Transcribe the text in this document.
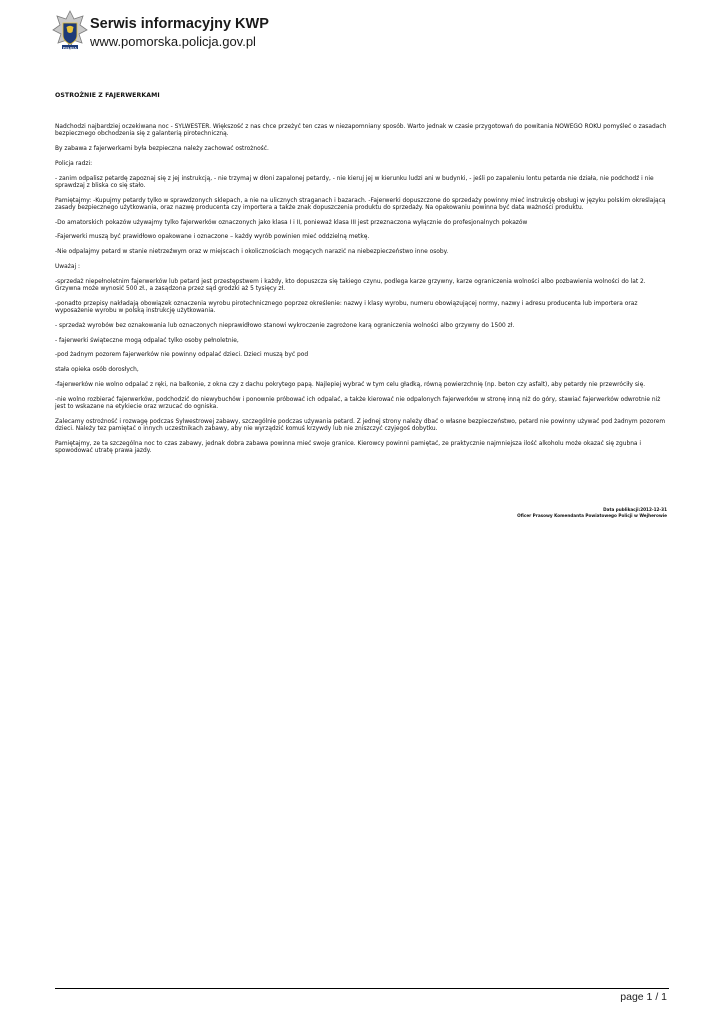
POLICJA
Serwis informacyjny KWP
www.pomorska.policja.gov.pl
OSTROŻNIE Z FAJERWERKAMI

Nadchodzi najbardziej oczekiwana noc - SYLWESTER. Większość z nas chce przeżyć ten czas w niezapomniany sposób. Warto jednak w czasie przygotowań do powitania NOWEGO ROKU pomyśleć o zasadach bezpiecznego obchodzenia się z galanterią pirotechniczną.

By zabawa z fajerwerkami była bezpieczna należy zachować ostrożność.

Policja radzi:

- zanim odpalisz petardę zapoznaj się z jej instrukcją, - nie trzymaj w dłoni zapalonej petardy, - nie kieruj jej w kierunku ludzi ani w budynki, - jeśli po zapaleniu lontu petarda nie działa, nie podchodź i nie sprawdzaj z bliska co się stało.

Pamiętajmy: -Kupujmy petardy tylko w sprawdzonych sklepach, a nie na ulicznych straganach i bazarach. -Fajerwerki dopuszczone do sprzedaży powinny mieć instrukcję obsługi w języku polskim określającą zasady bezpiecznego użytkowania, oraz nazwę producenta czy importera a także znak dopuszczenia produktu do sprzedaży. Na opakowaniu powinna być data ważności produktu.

-Do amatorskich pokazów używajmy tylko fajerwerków oznaczonych jako klasa I i II, ponieważ klasa III jest przeznaczona wyłącznie do profesjonalnych pokazów

-Fajerwerki muszą być prawidłowo opakowane i oznaczone – każdy wyrób powinien mieć oddzielną metkę.

-Nie odpalajmy petard w stanie nietrzeźwym oraz w miejscach i okolicznościach mogących narazić na niebezpieczeństwo inne osoby.

Uważaj :

-sprzedaż niepełnoletnim fajerwerków lub petard jest przestępstwem i każdy, kto dopuszcza się takiego czynu, podlega karze grzywny, karze ograniczenia wolności albo pozbawienia wolności do lat 2. Grzywna może wynosić 500 zł., a zasądzona przez sąd grodzki aż 5 tysięcy zł.

-ponadto przepisy nakładają obowiązek oznaczenia wyrobu pirotechnicznego poprzez określenie: nazwy i klasy wyrobu, numeru obowiązującej normy, nazwy i adresu producenta lub importera oraz wyposażenie wyrobu w polską instrukcję użytkowania.

- sprzedaż wyrobów bez oznakowania lub oznaczonych nieprawidłowo stanowi wykroczenie zagrożone karą ograniczenia wolności albo grzywny do 1500 zł.

- fajerwerki świąteczne mogą odpalać tylko osoby pełnoletnie,

-pod żadnym pozorem fajerwerków nie powinny odpalać dzieci. Dzieci muszą być pod

stała opieka osób dorosłych,

-fajerwerków nie wolno odpalać z ręki, na balkonie, z okna czy z dachu pokrytego papą. Najlepiej wybrać w tym celu gładką, równą powierzchnię (np. beton czy asfalt), aby petardy nie przewróciły się.

-nie wolno rozbierać fajerwerków, podchodzić do niewybuchów i ponownie próbować ich odpalać, a także kierować nie odpalonych fajerwerków w stronę inną niż do góry, stawiać fajerwerków odwrotnie niż jest to wskazane na etykiecie oraz wrzucać do ogniska.

Zalecamy ostrożność i rozwagę podczas Sylwestrowej zabawy, szczególnie podczas używania petard. Z jednej strony należy dbać o własne bezpieczeństwo, petard nie powinny używać pod żadnym pozorem dzieci. Należy tez pamiętać o innych uczestnikach zabawy, aby nie wyrządzić komuś krzywdy lub nie zniszczyć czyjegoś dobytku.

Pamiętajmy, ze ta szczególna noc to czas zabawy, jednak dobra zabawa powinna mieć swoje granice. Kierowcy powinni pamiętać, ze praktycznie najmniejsza ilość alkoholu może okazać się zgubna i spowodować utratę prawa jazdy.

Data publikacji:2012-12-31
Oficer Prasowy Komendanta Powiatowego Policji w Wejherowie
page 1 / 1
